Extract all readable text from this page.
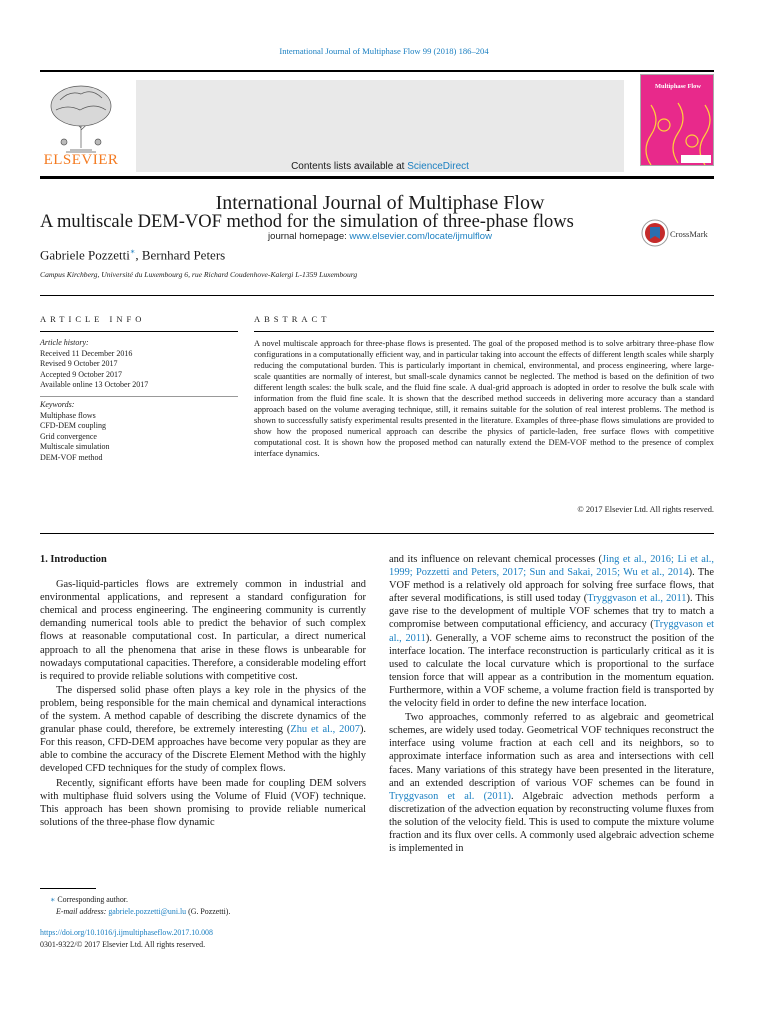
International Journal of Multiphase Flow 99 (2018) 186–204
ELSEVIER	Contents lists available at ScienceDirect
International Journal of Multiphase Flow
journal homepage: www.elsevier.com/locate/ijmulflow
Multiphase Flow
A multiscale DEM-VOF method for the simulation of three-phase flows
CrossMark
Gabriele Pozzetti∗, Bernhard Peters
Campus Kirchberg, Université du Luxembourg 6, rue Richard Coudenhove-Kalergi L-1359 Luxembourg
ARTICLE INFO	ABSTRACT
Article history:
Received 11 December 2016
Revised 9 October 2017
Accepted 9 October 2017
Available online 13 October 2017
Keywords:
Multiphase flows
CFD-DEM coupling
Grid convergence
Multiscale simulation
DEM-VOF method
A novel multiscale approach for three-phase flows is presented. The goal of the proposed method is to solve arbitrary three-phase flow configurations in a computationally efficient way, and in particular taking into account the effects of different length scales while sharply reducing the computational burden. This is particularly important in chemical, environmental, and process engineering, where large-scale quantities are normally of interest, but small-scale dynamics cannot be neglected. The method is based on the definition of two different length scales: the bulk scale, and the fluid fine scale. A dual-grid approach is adopted in order to resolve the bulk scale with information from the fluid fine scale. It is shown that the described method succeeds in delivering more accuracy than a standard approach based on the volume averaging technique, still, it remains suitable for the solution of real interest problems. The method is shown to successfully satisfy experimental results presented in the literature. Examples of three-phase flows simulations are provided to show how the proposed numerical approach can describe the physics of particle-laden, free surface flows with competitive computational cost. It is shown how the proposed method can naturally extend the DEM-VOF method to the presence of complex interface dynamics.
© 2017 Elsevier Ltd. All rights reserved.
1. Introduction

Gas-liquid-particles flows are extremely common in industrial and environmental applications, and represent a standard configuration for chemical and process engineering. The engineering community is currently demanding numerical tools able to predict the behavior of such complex flows at reasonable computational cost. In particular, a direct numerical approach to all the phenomena that arise in these flows is unbearable for nowadays computational capacities. Therefore, a considerable modeling effort is required to provide reliable solutions with competitive cost.

The dispersed solid phase often plays a key role in the physics of the problem, being responsible for the main chemical and dynamical interactions of the system. A method capable of describing the discrete dynamics of the granular phase could, therefore, be extremely interesting (Zhu et al., 2007). For this reason, CFD-DEM approaches have become very popular as they are able to combine the accuracy of the Discrete Element Method with the highly developed CFD techniques for the study of complex flows.

Recently, significant efforts have been made for coupling DEM solvers with multiphase fluid solvers using the Volume of Fluid (VOF) technique. This approach has been shown promising to provide reliable numerical solutions of the three-phase flow dynamic

and its influence on relevant chemical processes (Jing et al., 2016; Li et al., 1999; Pozzetti and Peters, 2017; Sun and Sakai, 2015; Wu et al., 2014). The VOF method is a relatively old approach for solving free surface flows, that after several modifications, is still used today (Tryggvason et al., 2011). This gave rise to the development of multiple VOF schemes that try to match a compromise between computational efficiency, and accuracy (Tryggvason et al., 2011). Generally, a VOF scheme aims to reconstruct the position of the interface location. The interface reconstruction is particularly critical as it is used to calculate the local curvature which is proportional to the surface tension force that will appear as a contribution in the momentum equation. Furthermore, within a VOF scheme, a volume fraction field is transported by the velocity field in order to define the new interface location.

Two approaches, commonly referred to as algebraic and geometrical schemes, are widely used today. Geometrical VOF techniques reconstruct the interface using volume fraction at each cell and its neighbors, so to approximate interface information such as area and intersections with cell faces. Many variations of this strategy have been presented in the literature, and an extended description of various VOF schemes can be found in Tryggvason et al. (2011). Algebraic advection methods perform a discretization of the advection equation by reconstructing volume fluxes from the solution of the velocity field. This is used to compute the mixture volume fraction and its flux over cells. A commonly used algebraic advection scheme is implemented in

∗ Corresponding author.
E-mail address: gabriele.pozzetti@uni.lu (G. Pozzetti).
https://doi.org/10.1016/j.ijmultiphaseflow.2017.10.008
0301-9322/© 2017 Elsevier Ltd. All rights reserved.
